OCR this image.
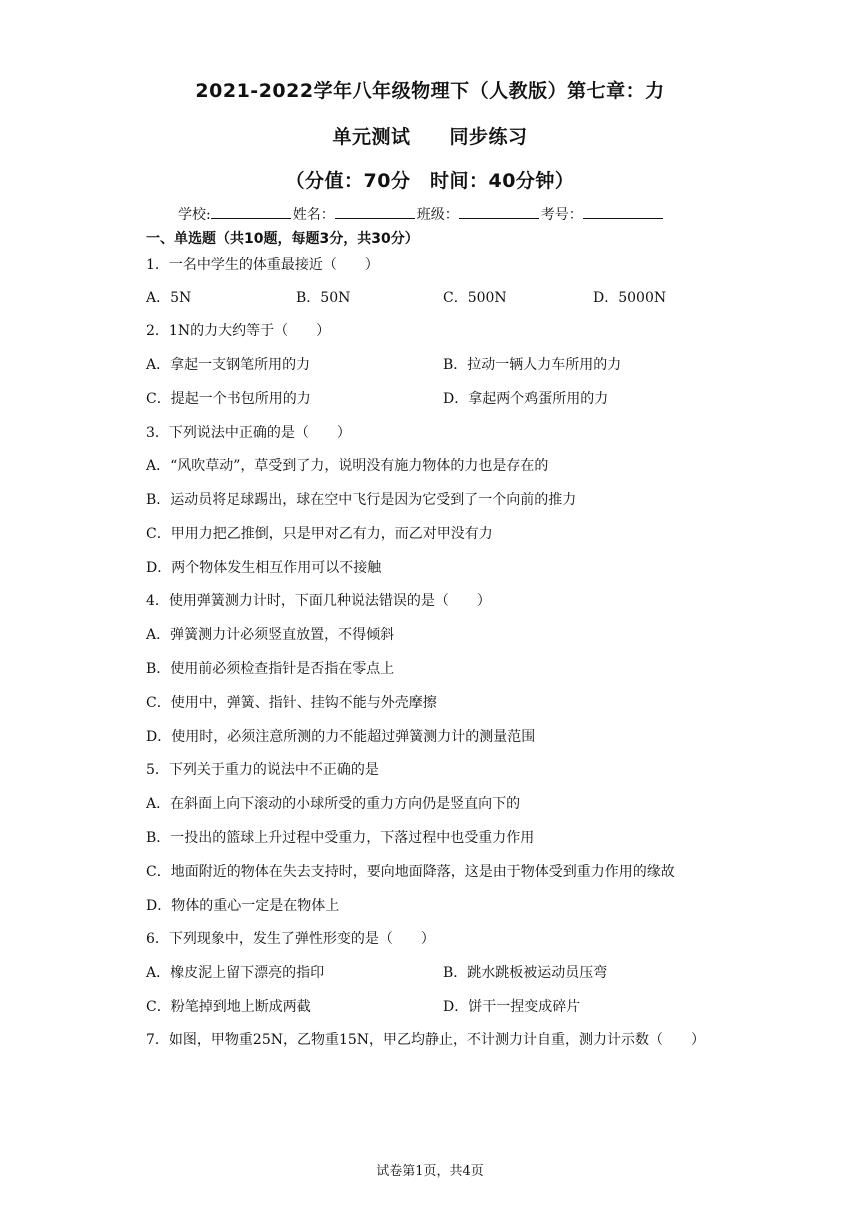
2021-2022学年八年级物理下（人教版）第七章：力
单元测试　　同步练习
（分值：70分　时间：40分钟）
学校:	姓名：	班级：	考号：
一、单选题（共10题，每题3分，共30分）
1．一名中学生的体重最接近（　　）
A．5N	B．50N	C．500N	D．5000N
2．1N的力大约等于（　　）
A．拿起一支钢笔所用的力	B．拉动一辆人力车所用的力
C．提起一个书包所用的力	D．拿起两个鸡蛋所用的力
3．下列说法中正确的是（　　）
A．“风吹草动”，草受到了力，说明没有施力物体的力也是存在的
B．运动员将足球踢出，球在空中飞行是因为它受到了一个向前的推力
C．甲用力把乙推倒，只是甲对乙有力，而乙对甲没有力
D．两个物体发生相互作用可以不接触
4．使用弹簧测力计时，下面几种说法错误的是（　　）
A．弹簧测力计必须竖直放置，不得倾斜
B．使用前必须检查指针是否指在零点上
C．使用中，弹簧、指针、挂钩不能与外壳摩擦
D．使用时，必须注意所测的力不能超过弹簧测力计的测量范围
5．下列关于重力的说法中不正确的是
A．在斜面上向下滚动的小球所受的重力方向仍是竖直向下的
B．一投出的篮球上升过程中受重力，下落过程中也受重力作用
C．地面附近的物体在失去支持时，要向地面降落，这是由于物体受到重力作用的缘故
D．物体的重心一定是在物体上
6．下列现象中，发生了弹性形变的是（　　）
A．橡皮泥上留下漂亮的指印	B．跳水跳板被运动员压弯
C．粉笔掉到地上断成两截	D．饼干一捏变成碎片
7．如图，甲物重25N，乙物重15N，甲乙均静止，不计测力计自重，测力计示数（　　）
试卷第1页，共4页
